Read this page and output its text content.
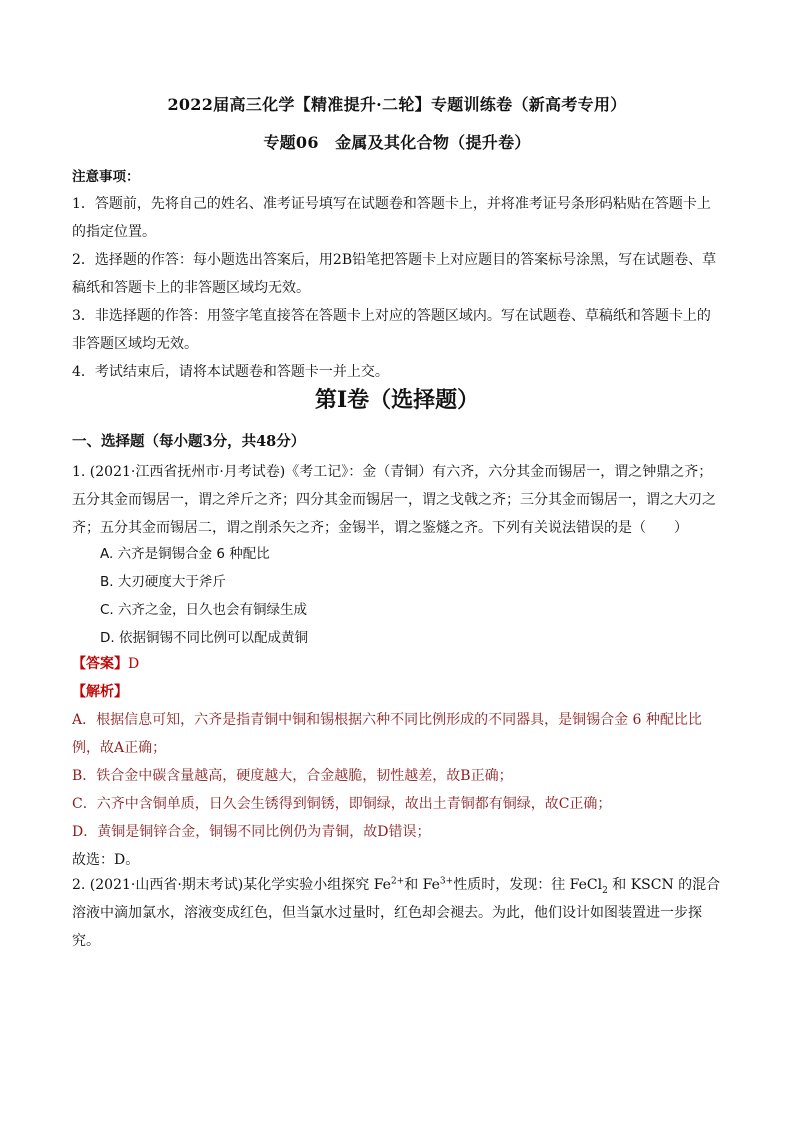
2022届高三化学【精准提升·二轮】专题训练卷（新高考专用）
专题06　金属及其化合物（提升卷）
注意事项：

1．答题前，先将自己的姓名、准考证号填写在试题卷和答题卡上，并将准考证号条形码粘贴在答题卡上的指定位置。

2．选择题的作答：每小题选出答案后，用2B铅笔把答题卡上对应题目的答案标号涂黑，写在试题卷、草稿纸和答题卡上的非答题区域均无效。

3．非选择题的作答：用签字笔直接答在答题卡上对应的答题区域内。写在试题卷、草稿纸和答题卡上的非答题区域均无效。

4．考试结束后，请将本试题卷和答题卡一并上交。

第Ⅰ卷（选择题）
一、选择题（每小题3分，共48分）

1. (2021·江西省抚州市·月考试卷)《考工记》：金（青铜）有六齐，六分其金而锡居一，谓之钟鼎之齐；五分其金而锡居一，谓之斧斤之齐；四分其金而锡居一，谓之戈戟之齐；三分其金而锡居一，谓之大刃之齐；五分其金而锡居二，谓之削杀矢之齐；金锡半，谓之鉴燧之齐。下列有关说法错误的是（　　）

A. 六齐是铜锡合金 6 种配比
B. 大刃硬度大于斧斤
C. 六齐之金，日久也会有铜绿生成
D. 依据铜锡不同比例可以配成黄铜
【答案】D
【解析】

A．根据信息可知，六齐是指青铜中铜和锡根据六种不同比例形成的不同器具，是铜锡合金 6 种配比比例，故A正确；

B．铁合金中碳含量越高，硬度越大，合金越脆，韧性越差，故B正确；

C．六齐中含铜单质，日久会生锈得到铜锈，即铜绿，故出土青铜都有铜绿，故C正确；

D．黄铜是铜锌合金，铜锡不同比例仍为青铜，故D错误；

故选：D。

2. (2021·山西省·期末考试)某化学实验小组探究 $Fe^{2+}$和 $Fe^{3+}$性质时，发现：往 FeCl$_2$ 和 KSCN 的混合溶液中滴加氯水，溶液变成红色，但当氯水过量时，红色却会褪去。为此，他们设计如图装置进一步探究。
